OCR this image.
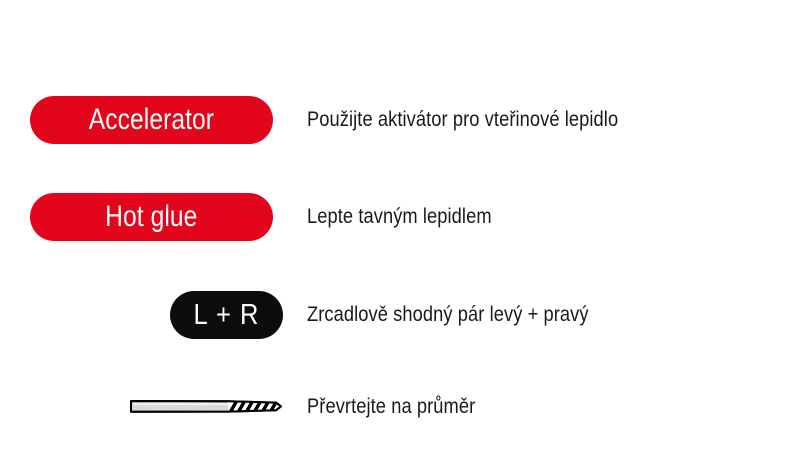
Accelerator	Použijte aktivátor pro vteřinové lepidlo
Hot glue	Lepte tavným lepidlem
L + R	Zrcadlově shodný pár levý + pravý
Převrtejte na průměr
